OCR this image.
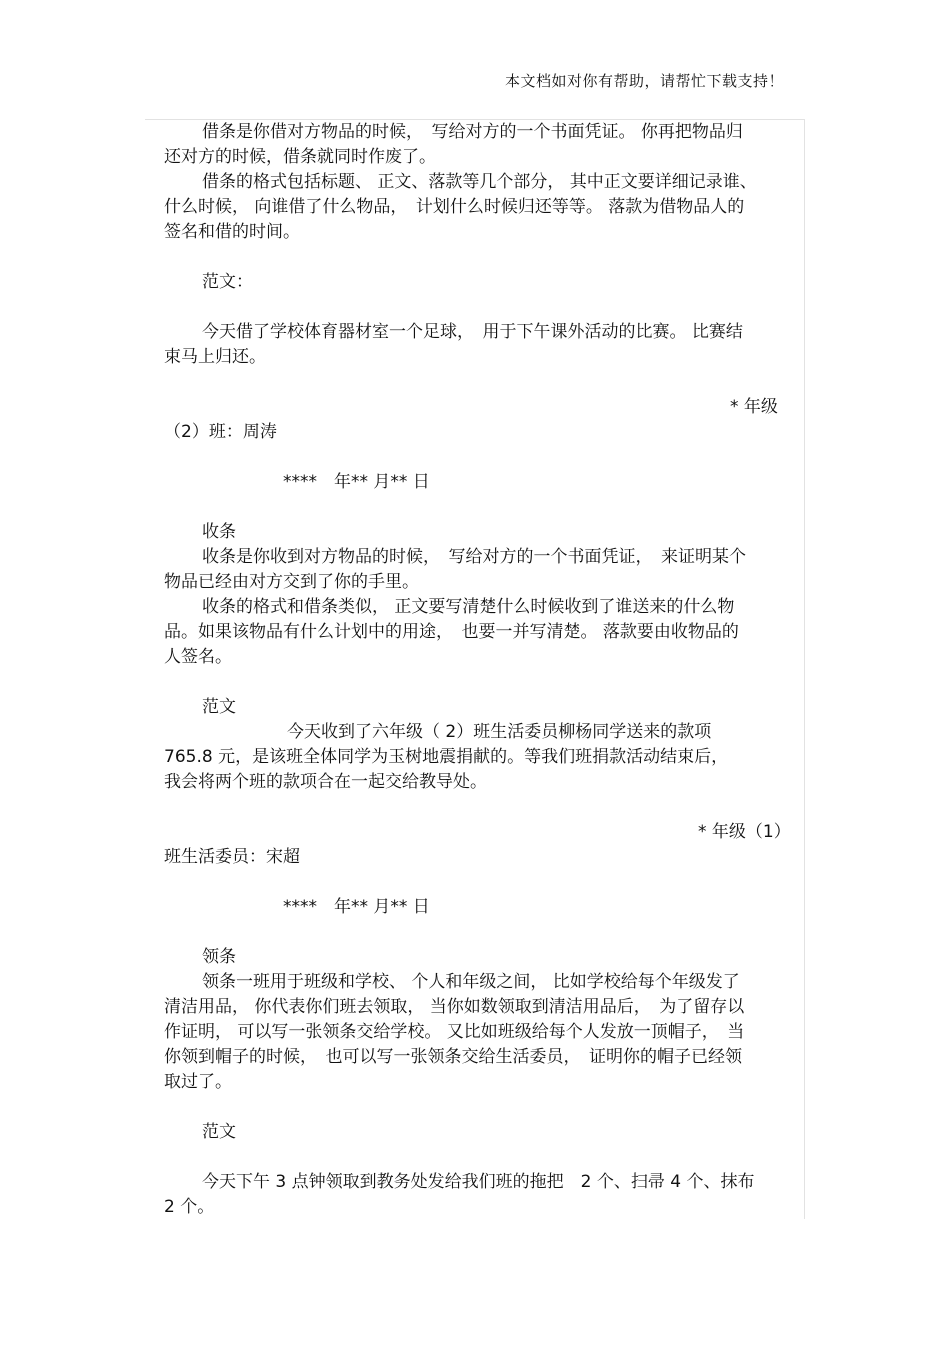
本文档如对你有帮助，请帮忙下载支持！
借条是你借对方物品的时候，　写给对方的一个书面凭证。 你再把物品归
还对方的时候，借条就同时作废了。
借条的格式包括标题、 正文、落款等几个部分， 其中正文要详细记录谁、
什么时候， 向谁借了什么物品，　计划什么时候归还等等。 落款为借物品人的
签名和借的时间。
范文：
今天借了学校体育器材室一个足球，　用于下午课外活动的比赛。 比赛结
束马上归还。
* 年级
（2）班：周涛
****　年** 月** 日
收条
收条是你收到对方物品的时候，　写给对方的一个书面凭证，　来证明某个
物品已经由对方交到了你的手里。
收条的格式和借条类似， 正文要写清楚什么时候收到了谁送来的什么物
品。如果该物品有什么计划中的用途，　也要一并写清楚。 落款要由收物品的
人签名。
范文
今天收到了六年级（ 2）班生活委员柳杨同学送来的款项
765.8 元，是该班全体同学为玉树地震捐献的。等我们班捐款活动结束后，
我会将两个班的款项合在一起交给教导处。
* 年级（1）
班生活委员：宋超
****　年** 月** 日
领条
领条一班用于班级和学校、 个人和年级之间， 比如学校给每个年级发了
清洁用品， 你代表你们班去领取， 当你如数领取到清洁用品后，　为了留存以
作证明， 可以写一张领条交给学校。 又比如班级给每个人发放一顶帽子，　当
你领到帽子的时候，　也可以写一张领条交给生活委员，　证明你的帽子已经领
取过了。
范文
今天下午 3 点钟领取到教务处发给我们班的拖把　2 个、扫帚 4 个、抹布
2 个。
